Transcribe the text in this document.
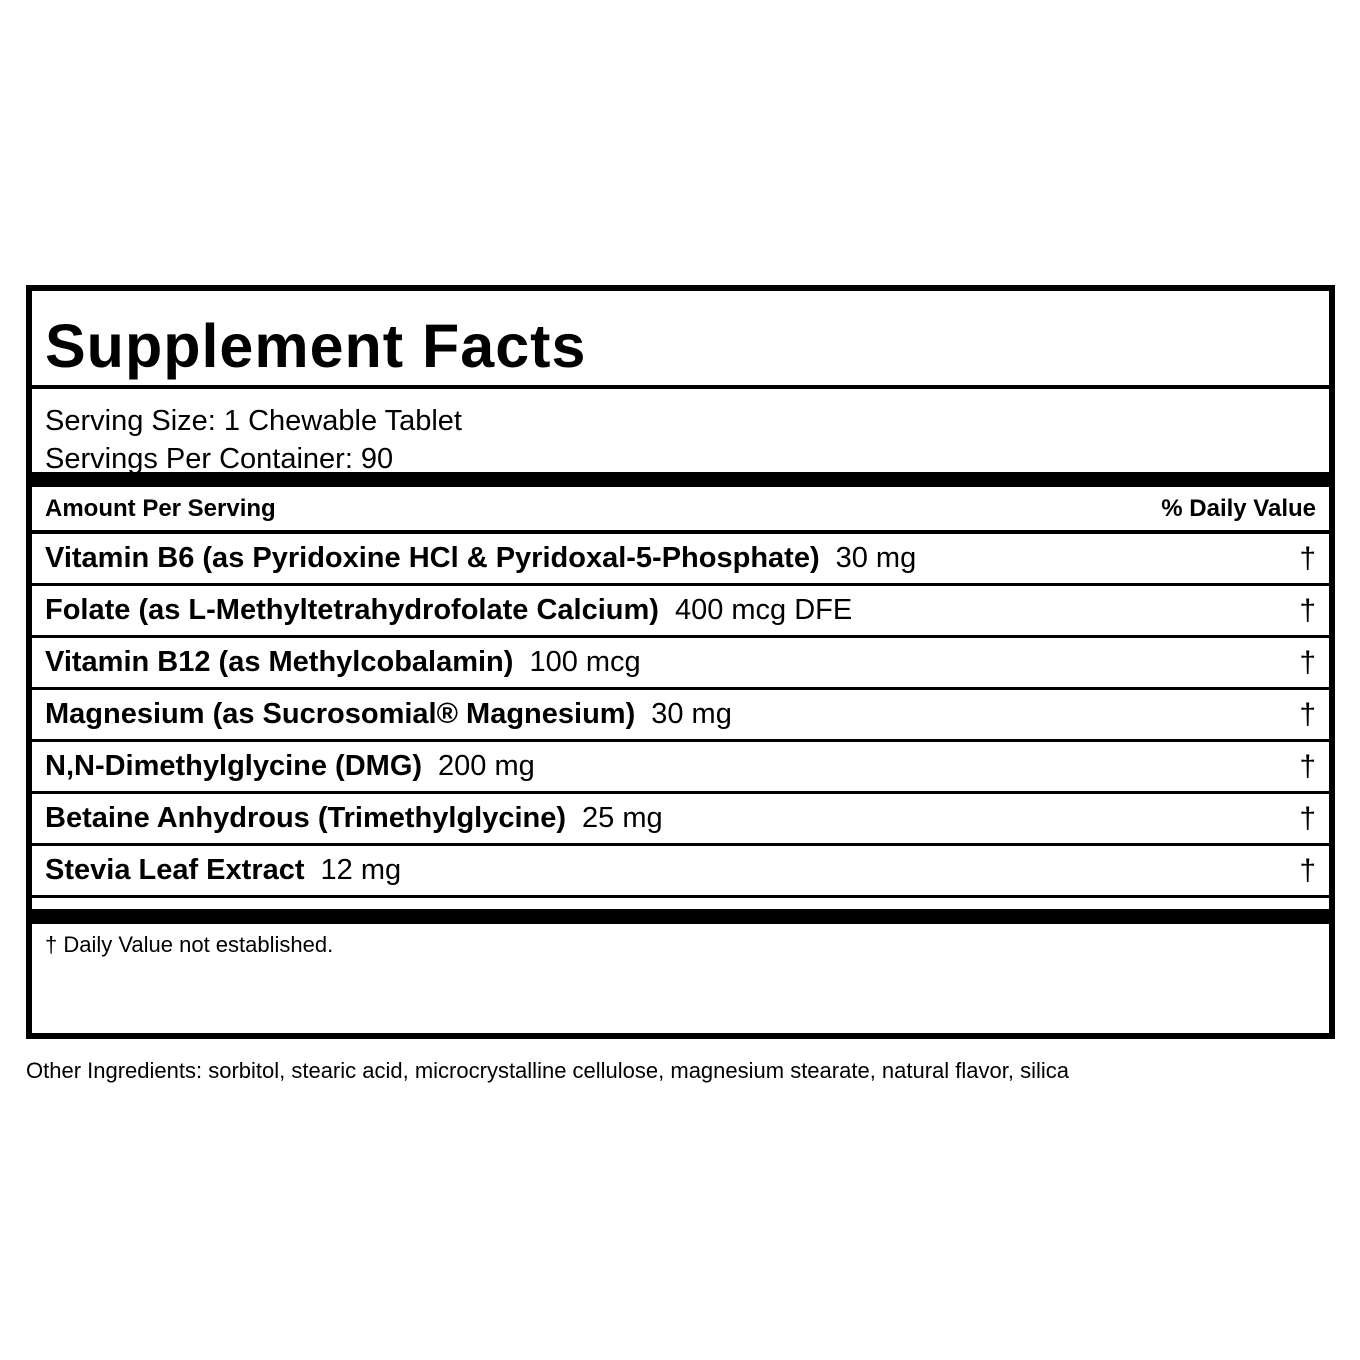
Supplement Facts
Serving Size: 1 Chewable Tablet
Servings Per Container: 90
Amount Per Serving	% Daily Value
Vitamin B6 (as Pyridoxine HCl & Pyridoxal-5-Phosphate) 30 mg	†
Folate (as L-Methyltetrahydrofolate Calcium) 400 mcg DFE	†
Vitamin B12 (as Methylcobalamin) 100 mcg	†
Magnesium (as Sucrosomial® Magnesium) 30 mg	†
N,N-Dimethylglycine (DMG) 200 mg	†
Betaine Anhydrous (Trimethylglycine) 25 mg	†
Stevia Leaf Extract 12 mg	†
† Daily Value not established.
Other Ingredients: sorbitol, stearic acid, microcrystalline cellulose, magnesium stearate, natural flavor, silica
